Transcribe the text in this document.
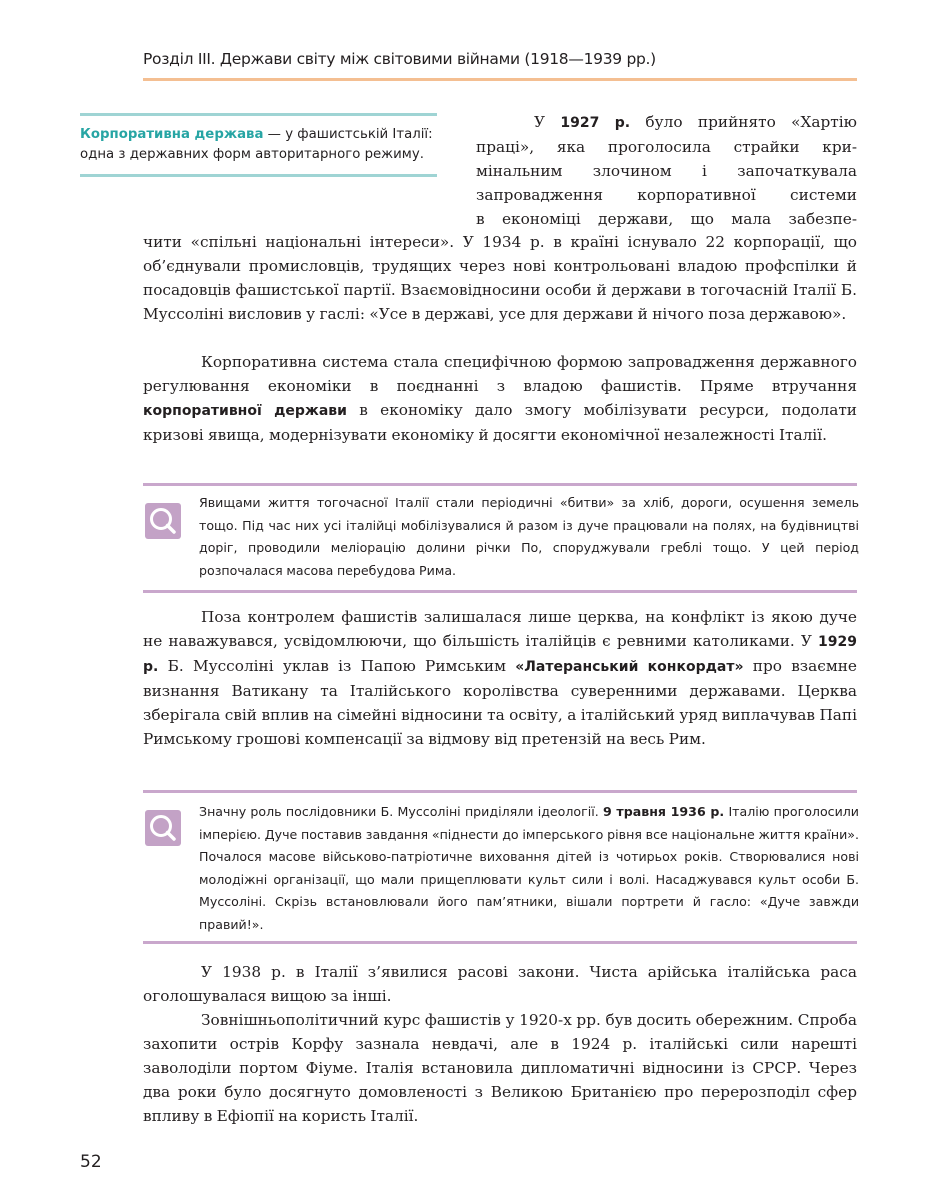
Розділ ІІІ. Держави світу між світовими війнами (1918—1939 рр.)
Корпоративна держава — у фашистській Італії: одна з державних форм авторитарного режиму.
У 1927 р. було прийнято «Хартію
праці», яка проголосила страйки кри-
мінальним злочином і започаткувала
запровадження корпоративної системи
в економіці держави, що мала забезпе-
чити «спільні національні інтереси». У 1934 р. в країні існувало 22 корпорації, що об’єднували промисловців, трудящих через нові контрольовані владою профспілки й посадовців фашистської партії. Взаємовідносини особи й держави в тогочасній Італії Б. Муссоліні висловив у гаслі: «Усе в державі, усе для держави й нічого поза державою».
Корпоративна система стала специфічною формою запровадження державного регулювання економіки в поєднанні з владою фашистів. Пряме втручання корпоративної держави в економіку дало змогу мобілізувати ресурси, подолати кризові явища, модернізувати економіку й досягти економічної незалежності Італії.
Явищами життя тогочасної Італії стали періодичні «битви» за хліб, дороги, осушення земель тощо. Під час них усі італійці мобілізувалися й разом із дуче працювали на полях, на будівництві доріг, проводили меліорацію долини річки По, споруджували греблі тощо. У цей період розпочалася масова перебудова Рима.
Поза контролем фашистів залишалася лише церква, на конфлікт із якою дуче не наважувався, усвідомлюючи, що більшість італійців є ревними католиками. У 1929 р. Б. Муссоліні уклав із Папою Римським «Латеранський конкордат» про взаємне визнання Ватикану та Італійського королівства суверенними державами. Церква зберігала свій вплив на сімейні відносини та освіту, а італійський уряд виплачував Папі Римському грошові компенсації за відмову від претензій на весь Рим.
Значну роль послідовники Б. Муссоліні приділяли ідеології. 9 травня 1936 р. Італію проголосили імперією. Дуче поставив завдання «піднести до імперського рівня все національне життя країни». Почалося масове військово-патріотичне виховання дітей із чотирьох років. Створювалися нові молодіжні організації, що мали прищеплювати культ сили і волі. Насаджувався культ особи Б. Муссоліні. Скрізь встановлювали його пам’ятники, вішали портрети й гасло: «Дуче завжди правий!».
У 1938 р. в Італії з’явилися расові закони. Чиста арійська італійська раса оголошувалася вищою за інші.
Зовнішньополітичний курс фашистів у 1920-х рр. був досить обережним. Спроба захопити острів Корфу зазнала невдачі, але в 1924 р. італійські сили нарешті заволоділи портом Фіуме. Італія встановила дипломатичні відносини із СРСР. Через два роки було досягнуто домовленості з Великою Британією про перерозподіл сфер впливу в Ефіопії на користь Італії.
52
